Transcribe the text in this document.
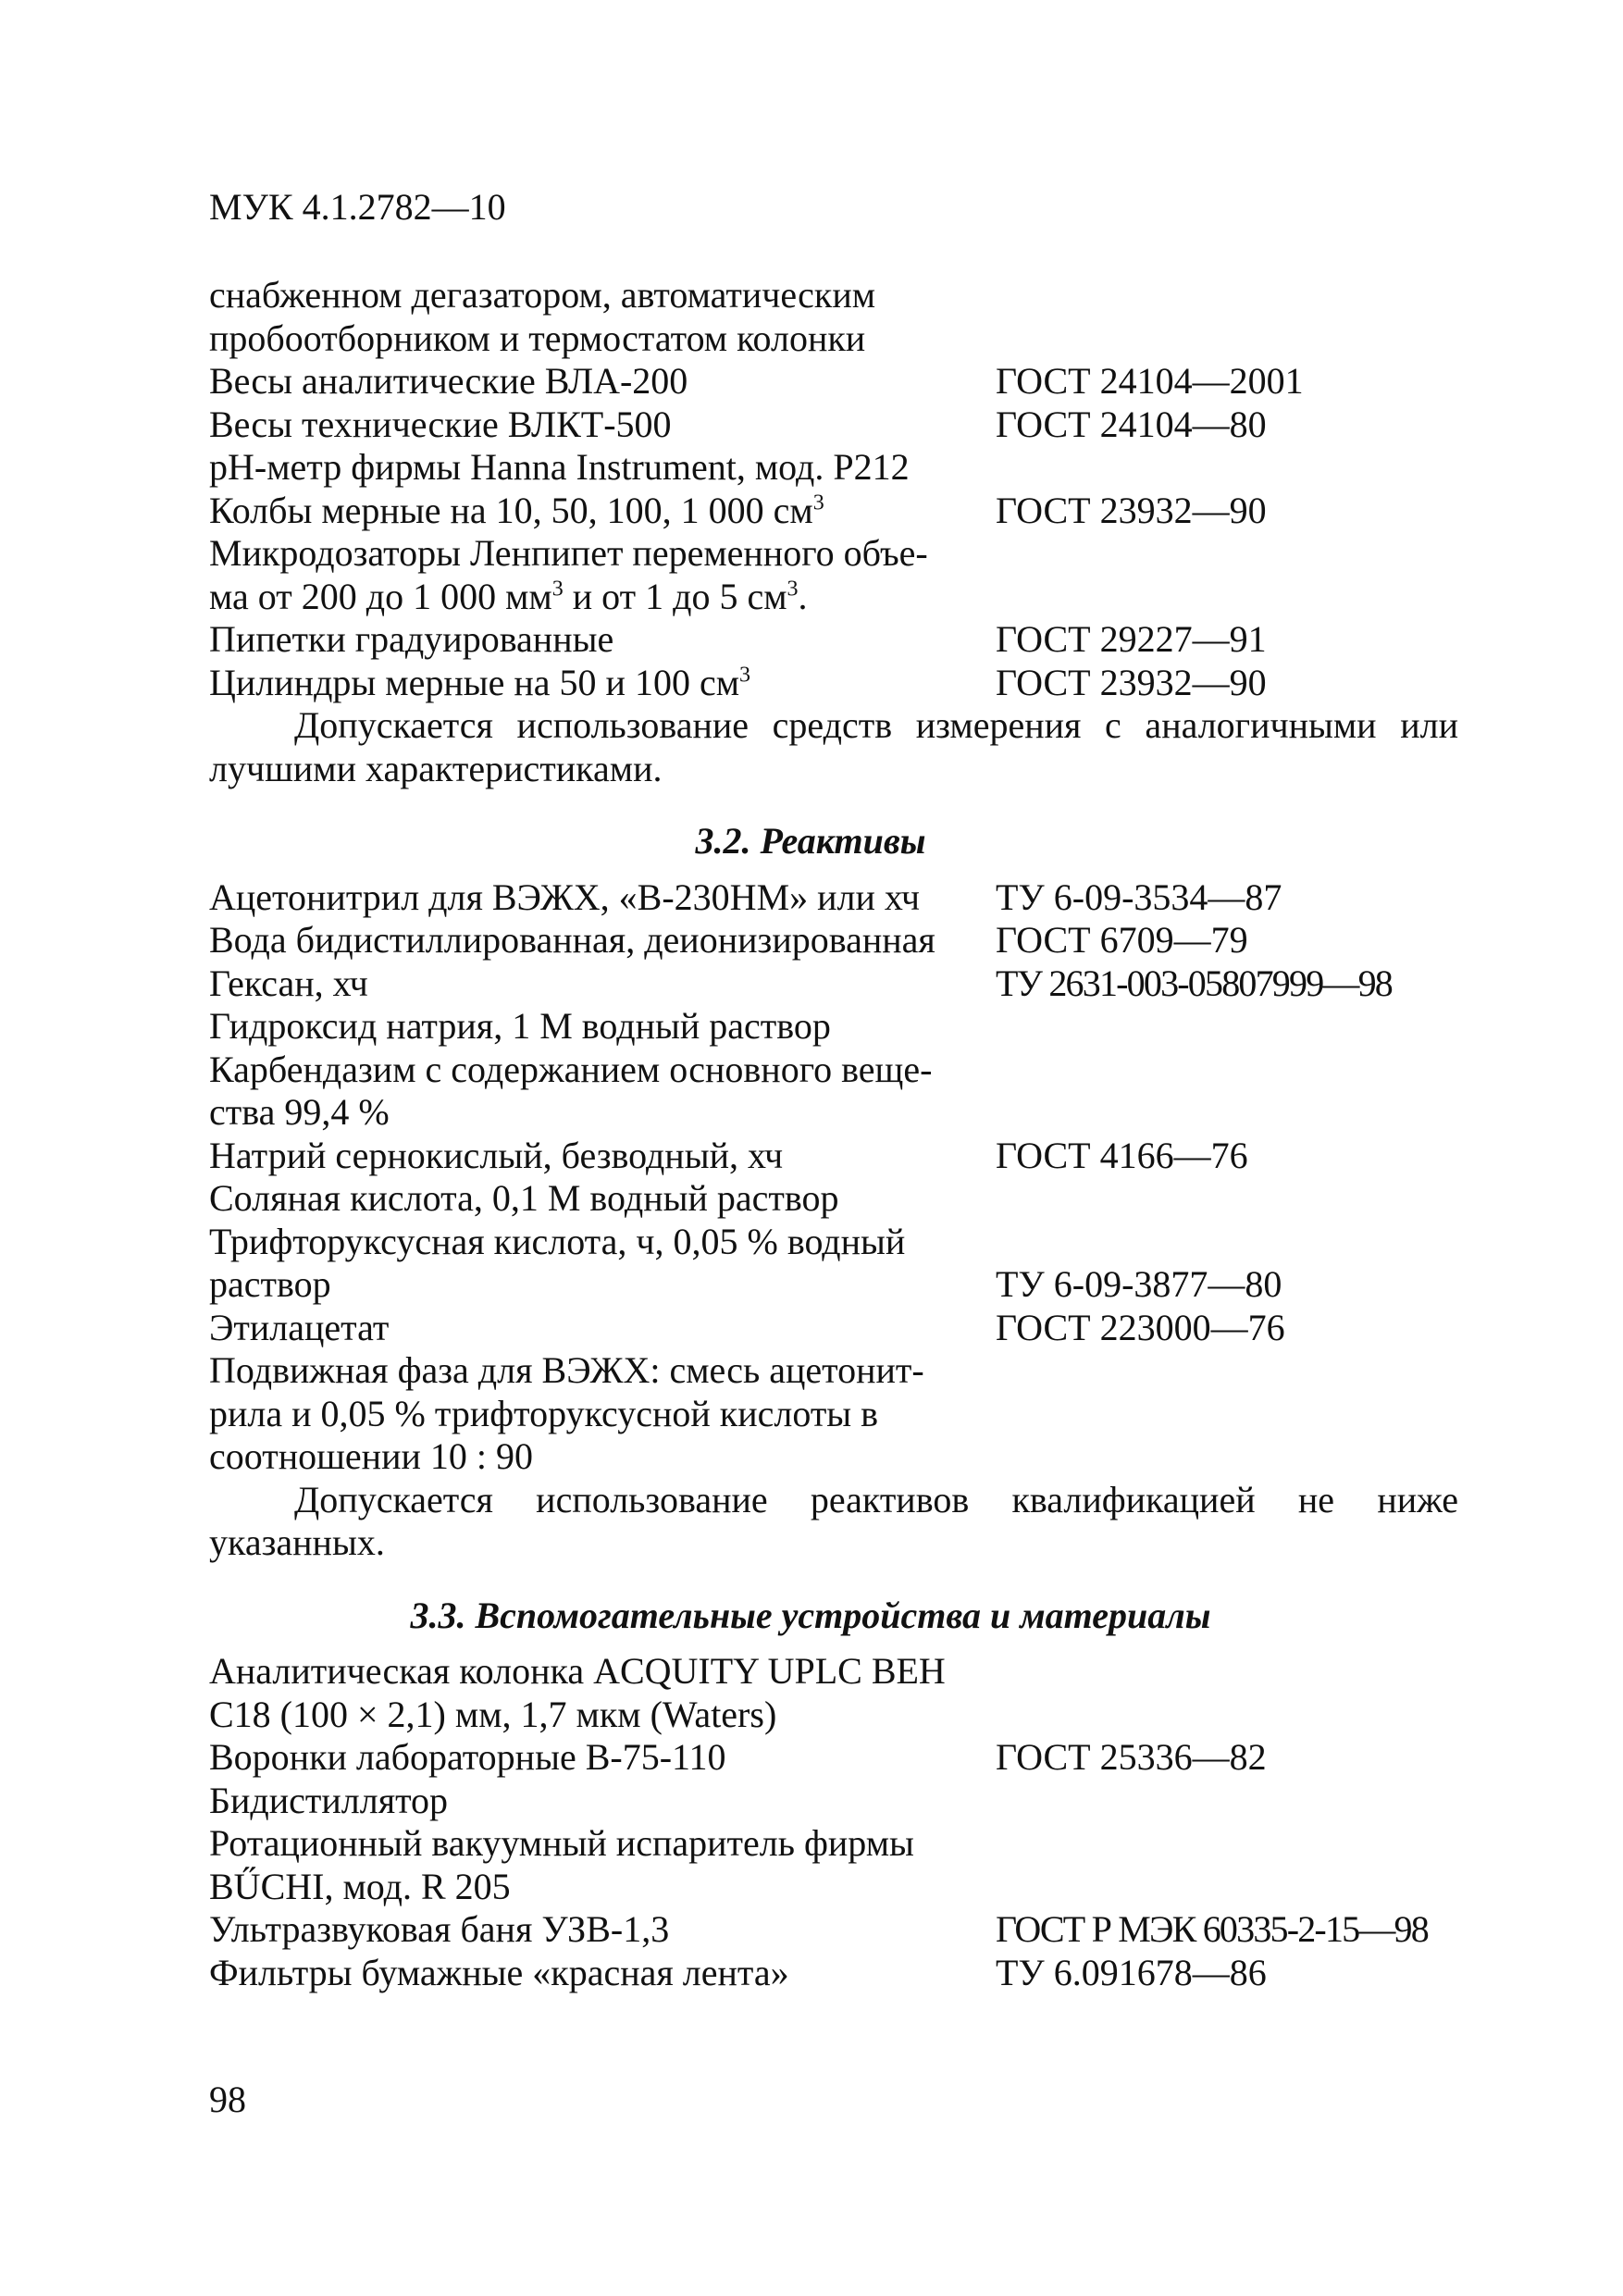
МУК 4.1.2782—10
снабженном дегазатором, автоматическим
пробоотборником и термостатом колонки
Весы аналитические ВЛА-200	ГОСТ 24104—2001
Весы технические ВЛКТ-500	ГОСТ 24104—80
pH-метр фирмы Hanna Instrument, мод. Р212
Колбы мерные на 10, 50, 100, 1 000 $см^3$	ГОСТ 23932—90
Микродозаторы Ленпипет переменного объе-
ма от 200 до 1 000 $мм^3$ и от 1 до 5 $см^3$.
Пипетки градуированные	ГОСТ 29227—91
Цилиндры мерные на 50 и 100 $см^3$	ГОСТ 23932—90

Допускается использование средств измерения с аналогичными или лучшими характеристиками.

3.2. Реактивы
Ацетонитрил для ВЭЖХ, «В-230НМ» или хч	ТУ 6-09-3534—87
Вода бидистиллированная, деионизированная	ГОСТ 6709—79
Гексан, хч	ТУ 2631-003-05807999—98
Гидроксид натрия, 1 М водный раствор
Карбендазим с содержанием основного веще-
ства 99,4 %
Натрий сернокислый, безводный, хч	ГОСТ 4166—76
Соляная кислота, 0,1 М водный раствор
Трифторуксусная кислота, ч, 0,05 % водный
раствор	ТУ 6-09-3877—80
Этилацетат	ГОСТ 223000—76
Подвижная фаза для ВЭЖХ: смесь ацетонит-
рила и 0,05 % трифторуксусной кислоты в
соотношении 10 : 90

Допускается использование реактивов квалификацией не ниже указанных.

3.3. Вспомогательные устройства и материалы
Аналитическая колонка ACQUITY UPLC BEH
C18 (100 × 2,1) мм, 1,7 мкм (Waters)
Воронки лабораторные В-75-110	ГОСТ 25336—82
Бидистиллятор
Ротационный вакуумный испаритель фирмы
BŰCHI, мод. R 205
Ультразвуковая баня УЗВ-1,3	ГОСТ Р МЭК 60335-2-15—98
Фильтры бумажные «красная лента»	ТУ 6.091678—86
98
